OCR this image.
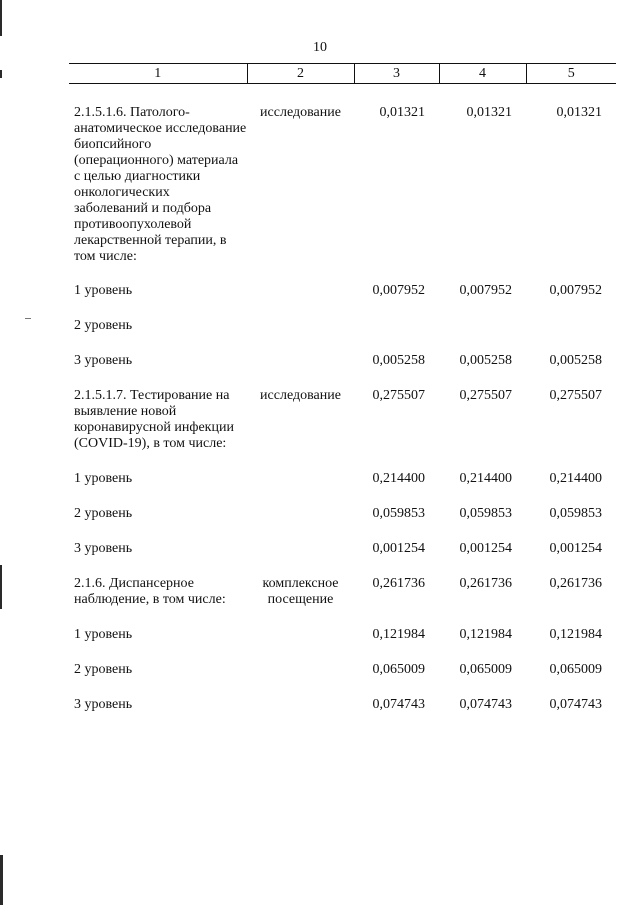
10
1	2	3	4	5

2.1.5.1.6. Патолого-анатомическое исследование биопсийного (операционного) материала с целью диагностики онкологических заболеваний и подбора противоопухолевой лекарственной терапии, в том числе:	исследование	0,01321	0,01321	0,01321

1 уровень		0,007952	0,007952	0,007952

2 уровень				

3 уровень		0,005258	0,005258	0,005258

2.1.5.1.7. Тестирование на выявление новой коронавирусной инфекции (COVID-19), в том числе:	исследование	0,275507	0,275507	0,275507

1 уровень		0,214400	0,214400	0,214400

2 уровень		0,059853	0,059853	0,059853

3 уровень		0,001254	0,001254	0,001254

2.1.6. Диспансерное наблюдение, в том числе:	комплексное посещение	0,261736	0,261736	0,261736

1 уровень		0,121984	0,121984	0,121984

2 уровень		0,065009	0,065009	0,065009

3 уровень		0,074743	0,074743	0,074743
